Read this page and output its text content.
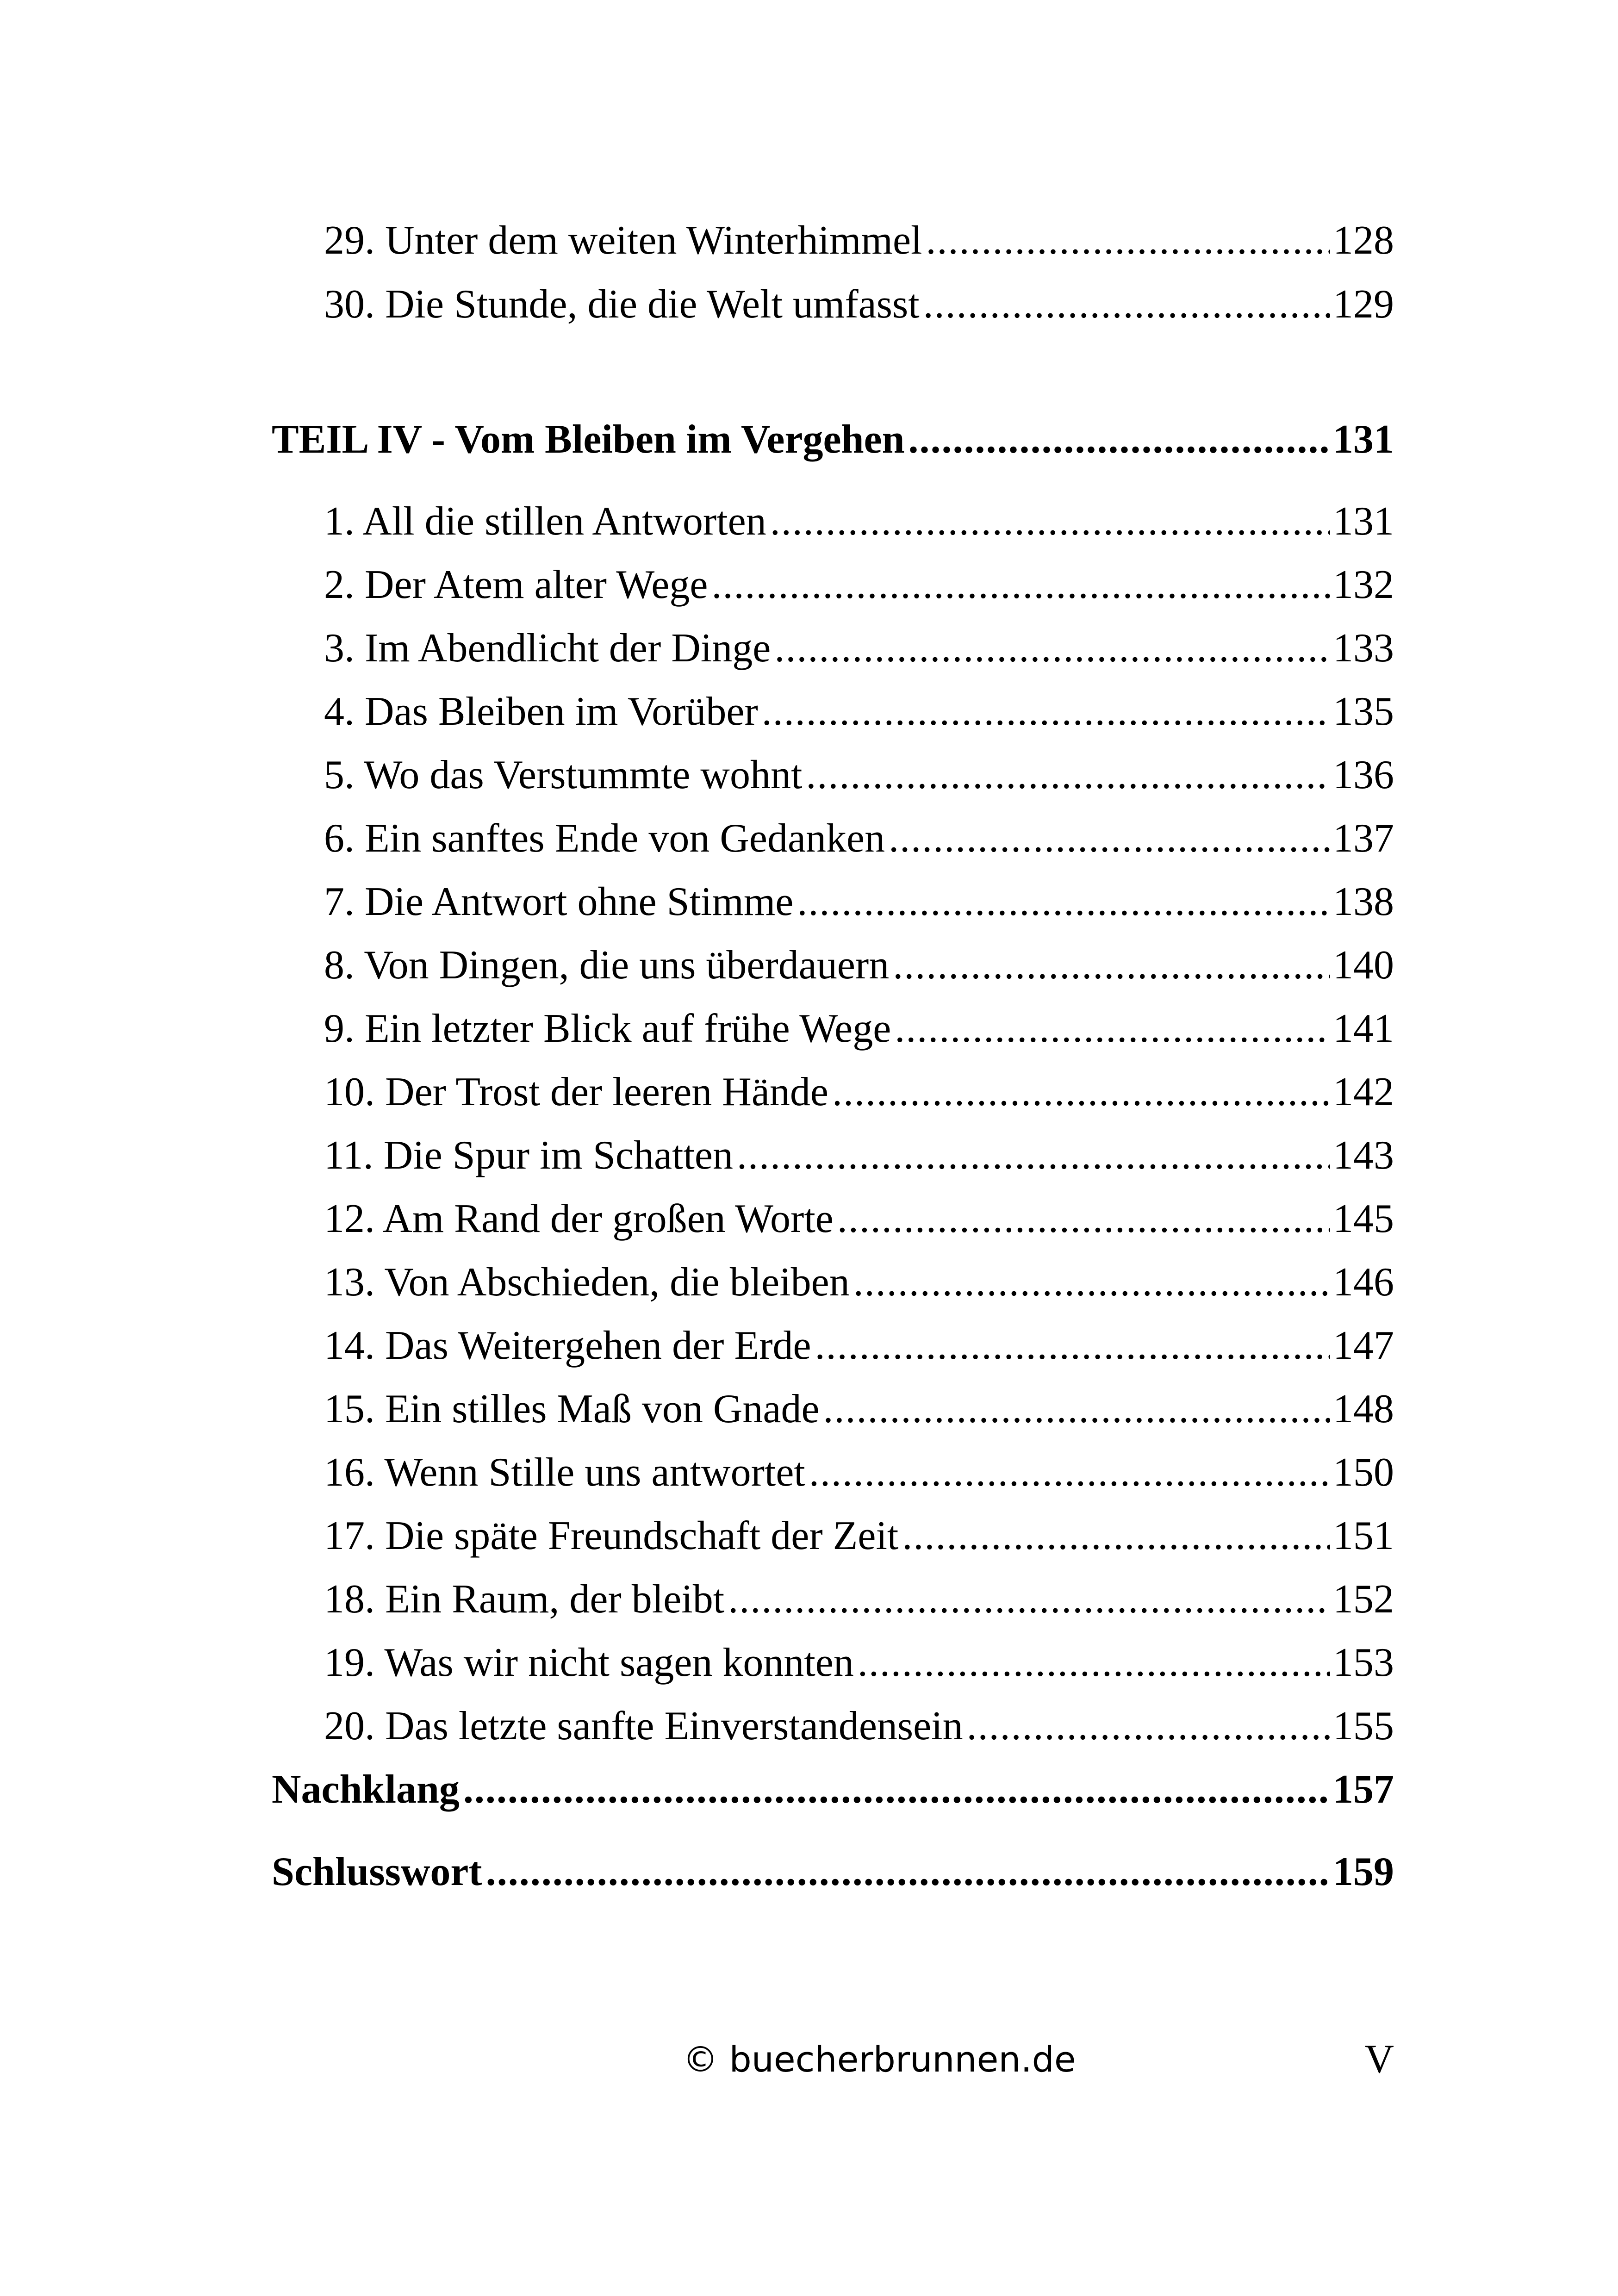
29. Unter dem weiten Winterhimmel .....	128
30. Die Stunde, die die Welt umfasst .....	129
TEIL IV - Vom Bleiben im Vergehen .....	131
1. All die stillen Antworten .....	131
2. Der Atem alter Wege .....	132
3. Im Abendlicht der Dinge .....	133
4. Das Bleiben im Vorüber .....	135
5. Wo das Verstummte wohnt .....	136
6. Ein sanftes Ende von Gedanken .....	137
7. Die Antwort ohne Stimme .....	138
8. Von Dingen, die uns überdauern .....	140
9. Ein letzter Blick auf frühe Wege .....	141
10. Der Trost der leeren Hände .....	142
11. Die Spur im Schatten .....	143
12. Am Rand der großen Worte .....	145
13. Von Abschieden, die bleiben .....	146
14. Das Weitergehen der Erde .....	147
15. Ein stilles Maß von Gnade .....	148
16. Wenn Stille uns antwortet .....	150
17. Die späte Freundschaft der Zeit .....	151
18. Ein Raum, der bleibt .....	152
19. Was wir nicht sagen konnten .....	153
20. Das letzte sanfte Einverstandensein .....	155
Nachklang .....	157
Schlusswort .....	159
© buecherbrunnen.de	V
